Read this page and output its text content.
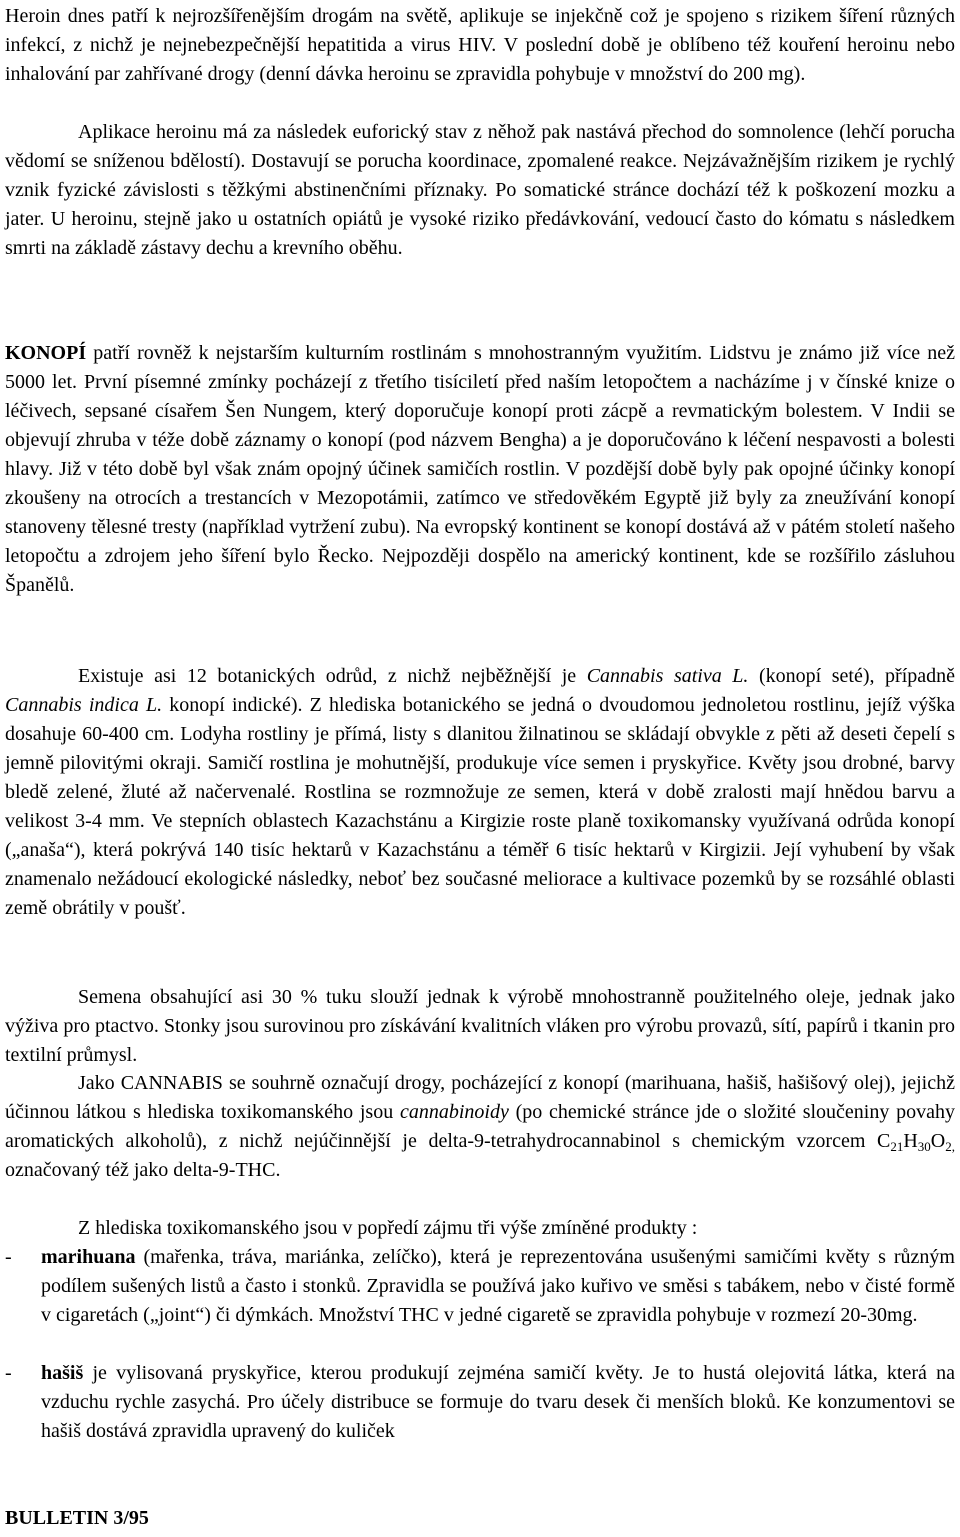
Heroin dnes patří k nejrozšířenějším drogám na světě, aplikuje se injekčně což je spojeno s rizikem šíření různých infekcí, z nichž je nejnebezpečnější hepatitida a virus HIV. V poslední době je oblíbeno též kouření heroinu nebo inhalování par zahřívané drogy (denní dávka heroinu se zpravidla pohybuje v množství do 200 mg).

Aplikace heroinu má za následek euforický stav z něhož pak nastává přechod do somnolence (lehčí porucha vědomí se sníženou bdělostí). Dostavují se porucha koordinace, zpomalené reakce. Nejzávažnějším rizikem je rychlý vznik fyzické závislosti s těžkými abstinenčními příznaky. Po somatické stránce dochází též k poškození mozku a jater. U heroinu, stejně jako u ostatních opiátů je vysoké riziko předávkování, vedoucí často do kómatu s následkem smrti na základě zástavy dechu a krevního oběhu.

KONOPÍ patří rovněž k nejstarším kulturním rostlinám s mnohostranným využitím. Lidstvu je známo již více než 5000 let. První písemné zmínky pocházejí z třetího tisíciletí před naším letopočtem a nacházíme j v čínské knize o léčivech, sepsané císařem Šen Nungem, který doporučuje konopí proti zácpě a revmatickým bolestem. V Indii se objevují zhruba v téže době záznamy o konopí (pod názvem Bengha) a je doporučováno k léčení nespavosti a bolesti hlavy. Již v této době byl však znám opojný účinek samičích rostlin. V pozdější době byly pak opojné účinky konopí zkoušeny na otrocích a trestancích v Mezopotámii, zatímco ve středověkém Egyptě již byly za zneužívání konopí stanoveny tělesné tresty (například vytržení zubu). Na evropský kontinent se konopí dostává až v pátém století našeho letopočtu a zdrojem jeho šíření bylo Řecko. Nejpozději dospělo na americký kontinent, kde se rozšířilo zásluhou Španělů.

Existuje asi 12 botanických odrůd, z nichž nejběžnější je Cannabis sativa L. (konopí seté), případně Cannabis indica L. konopí indické). Z hlediska botanického se jedná o dvoudomou jednoletou rostlinu, jejíž výška dosahuje 60-400 cm. Lodyha rostliny je přímá, listy s dlanitou žilnatinou se skládají obvykle z pěti až deseti čepelí s jemně pilovitými okraji. Samičí rostlina je mohutnější, produkuje více semen i pryskyřice. Květy jsou drobné, barvy bledě zelené, žluté až načervenalé. Rostlina se rozmnožuje ze semen, která v době zralosti mají hnědou barvu a velikost 3-4 mm. Ve stepních oblastech Kazachstánu a Kirgizie roste planě toxikomansky využívaná odrůda konopí („anaša“), která pokrývá 140 tisíc hektarů v Kazachstánu a téměř 6 tisíc hektarů v Kirgizii. Její vyhubení by však znamenalo nežádoucí ekologické následky, neboť bez současné meliorace a kultivace pozemků by se rozsáhlé oblasti země obrátily v poušť.

Semena obsahující asi 30 % tuku slouží jednak k výrobě mnohostranně použitelného oleje, jednak jako výživa pro ptactvo. Stonky jsou surovinou pro získávání kvalitních vláken pro výrobu provazů, sítí, papírů i tkanin pro textilní průmysl.

Jako CANNABIS se souhrně označují drogy, pocházející z konopí (marihuana, hašiš, hašišový olej), jejichž účinnou látkou s hlediska toxikomanského jsou cannabinoidy (po chemické stránce jde o složité sloučeniny povahy aromatických alkoholů), z nichž nejúčinnější je delta-9-tetrahydrocannabinol s chemickým vzorcem $C_{21}H_{30}O_{2,}$ označovaný též jako delta-9-THC.

Z hlediska toxikomanského jsou v popředí zájmu tři výše zmíněné produkty :

-	marihuana (mařenka, tráva, mariánka, zelíčko), která je reprezentována usušenými samičími květy s různým podílem sušených listů a často i stonků. Zpravidla se používá jako kuřivo ve směsi s tabákem, nebo v čisté formě v cigaretách („joint“) či dýmkách. Množství THC v jedné cigaretě se zpravidla pohybuje v rozmezí 20-30mg.
-	hašiš je vylisovaná pryskyřice, kterou produkují zejména samičí květy. Je to hustá olejovitá látka, která na vzduchu rychle zasychá. Pro účely distribuce se formuje do tvaru desek či menších bloků. Ke konzumentovi se hašiš dostává zpravidla upravený do kuliček
BULLETIN 3/95
